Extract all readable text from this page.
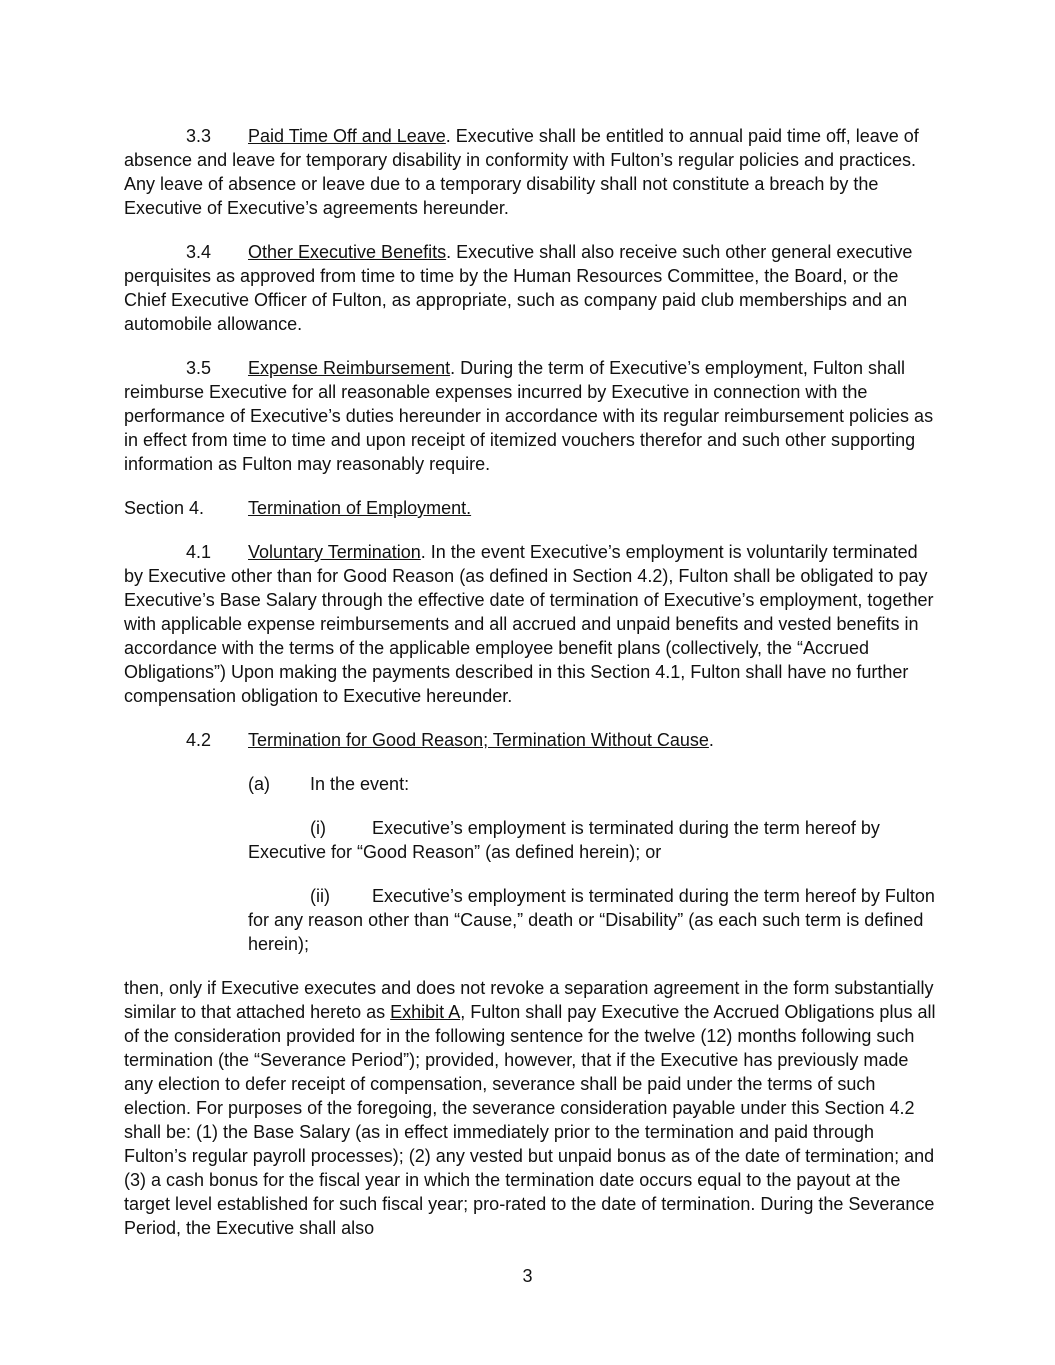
3.3 Paid Time Off and Leave. Executive shall be entitled to annual paid time off, leave of absence and leave for temporary disability in conformity with Fulton’s regular policies and practices. Any leave of absence or leave due to a temporary disability shall not constitute a breach by the Executive of Executive’s agreements hereunder.

3.4 Other Executive Benefits. Executive shall also receive such other general executive perquisites as approved from time to time by the Human Resources Committee, the Board, or the Chief Executive Officer of Fulton, as appropriate, such as company paid club memberships and an automobile allowance.

3.5 Expense Reimbursement. During the term of Executive’s employment, Fulton shall reimburse Executive for all reasonable expenses incurred by Executive in connection with the performance of Executive’s duties hereunder in accordance with its regular reimbursement policies as in effect from time to time and upon receipt of itemized vouchers therefor and such other supporting information as Fulton may reasonably require.

Section 4. Termination of Employment.

4.1 Voluntary Termination. In the event Executive’s employment is voluntarily terminated by Executive other than for Good Reason (as defined in Section 4.2), Fulton shall be obligated to pay Executive’s Base Salary through the effective date of termination of Executive’s employment, together with applicable expense reimbursements and all accrued and unpaid benefits and vested benefits in accordance with the terms of the applicable employee benefit plans (collectively, the “Accrued Obligations”) Upon making the payments described in this Section 4.1, Fulton shall have no further compensation obligation to Executive hereunder.

4.2 Termination for Good Reason; Termination Without Cause.

(a) In the event:

(i)	Executive’s employment is terminated during the term hereof by Executive for “Good Reason” (as defined herein); or

(ii) Executive’s employment is terminated during the term hereof by Fulton for any reason other than “Cause,” death or “Disability” (as each such term is defined herein);

then, only if Executive executes and does not revoke a separation agreement in the form substantially similar to that attached hereto as Exhibit A, Fulton shall pay Executive the Accrued Obligations plus all of the consideration provided for in the following sentence for the twelve (12) months following such termination (the “Severance Period”); provided, however, that if the Executive has previously made any election to defer receipt of compensation, severance shall be paid under the terms of such election. For purposes of the foregoing, the severance consideration payable under this Section 4.2 shall be: (1) the Base Salary (as in effect immediately prior to the termination and paid through Fulton’s regular payroll processes); (2) any vested but unpaid bonus as of the date of termination; and (3) a cash bonus for the fiscal year in which the termination date occurs equal to the payout at the target level established for such fiscal year; pro-rated to the date of termination. During the Severance Period, the Executive shall also

3
